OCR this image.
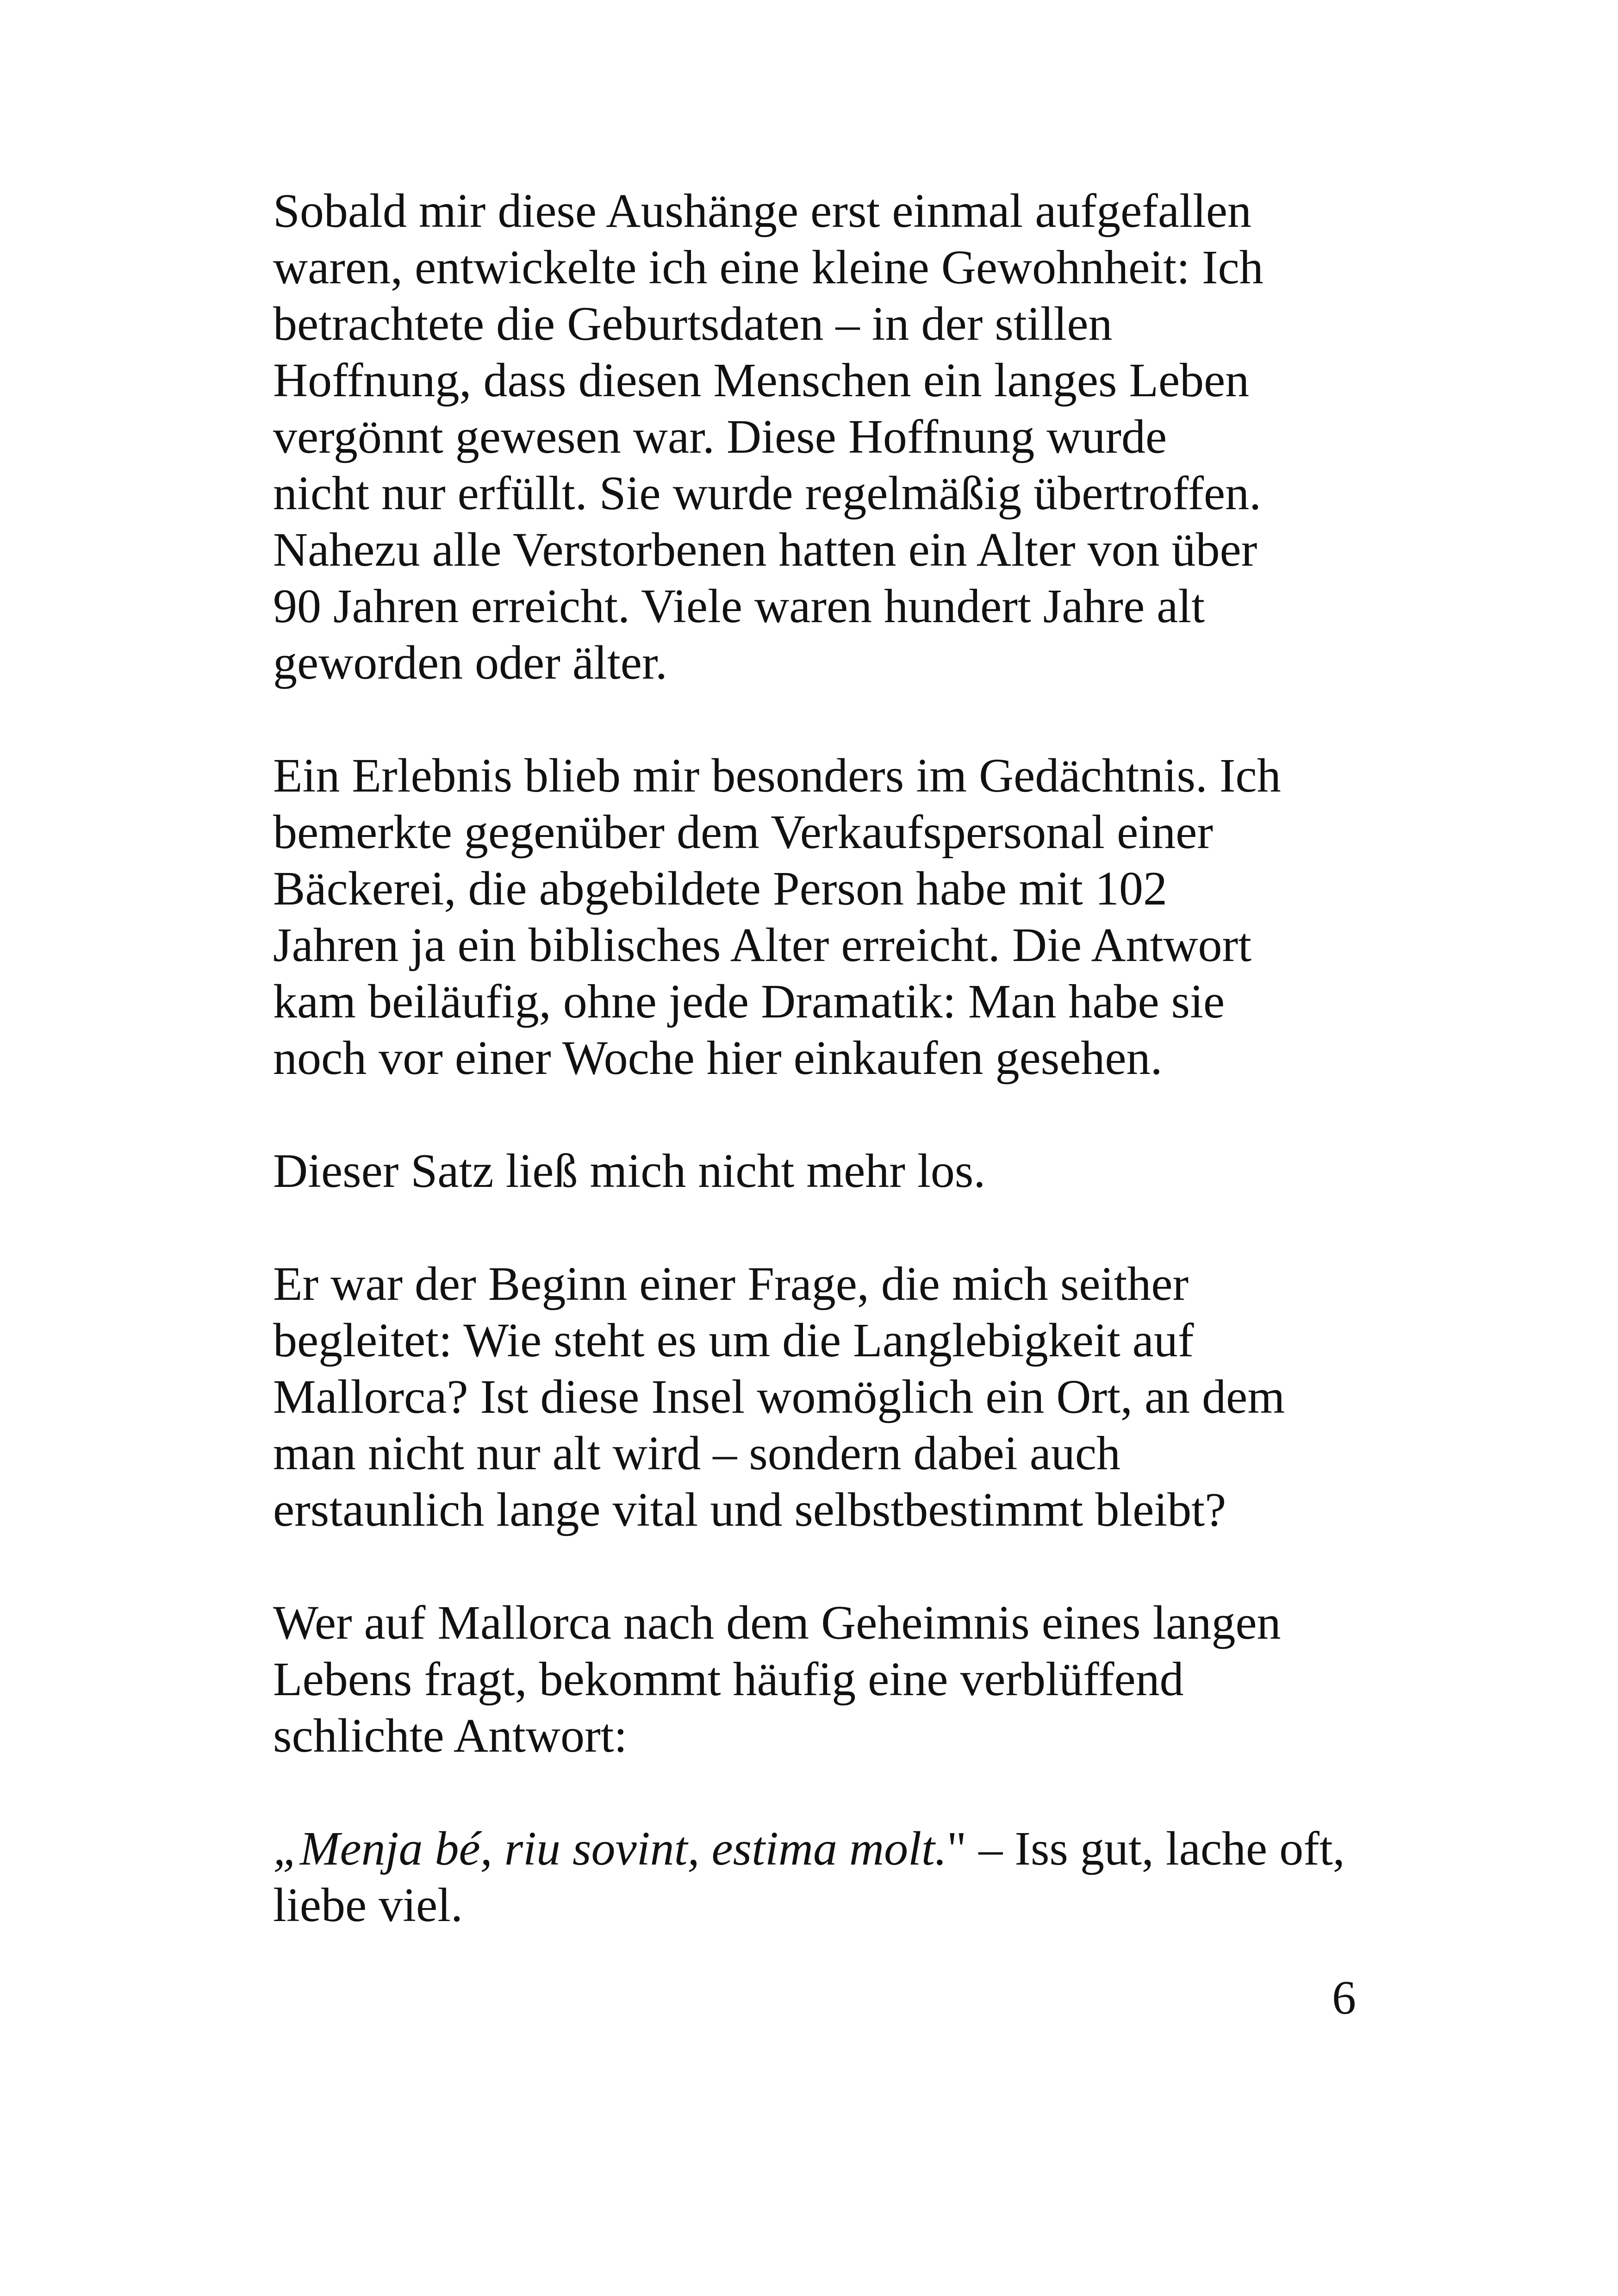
Sobald mir diese Aushänge erst einmal aufgefallen
waren, entwickelte ich eine kleine Gewohnheit: Ich
betrachtete die Geburtsdaten – in der stillen
Hoffnung, dass diesen Menschen ein langes Leben
vergönnt gewesen war. Diese Hoffnung wurde
nicht nur erfüllt. Sie wurde regelmäßig übertroffen.
Nahezu alle Verstorbenen hatten ein Alter von über
90 Jahren erreicht. Viele waren hundert Jahre alt
geworden oder älter.

Ein Erlebnis blieb mir besonders im Gedächtnis. Ich
bemerkte gegenüber dem Verkaufspersonal einer
Bäckerei, die abgebildete Person habe mit 102
Jahren ja ein biblisches Alter erreicht. Die Antwort
kam beiläufig, ohne jede Dramatik: Man habe sie
noch vor einer Woche hier einkaufen gesehen.

Dieser Satz ließ mich nicht mehr los.

Er war der Beginn einer Frage, die mich seither
begleitet: Wie steht es um die Langlebigkeit auf
Mallorca? Ist diese Insel womöglich ein Ort, an dem
man nicht nur alt wird – sondern dabei auch
erstaunlich lange vital und selbstbestimmt bleibt?

Wer auf Mallorca nach dem Geheimnis eines langen
Lebens fragt, bekommt häufig eine verblüffend
schlichte Antwort:

„Menja bé, riu sovint, estima molt." – Iss gut, lache oft,
liebe viel.

6
